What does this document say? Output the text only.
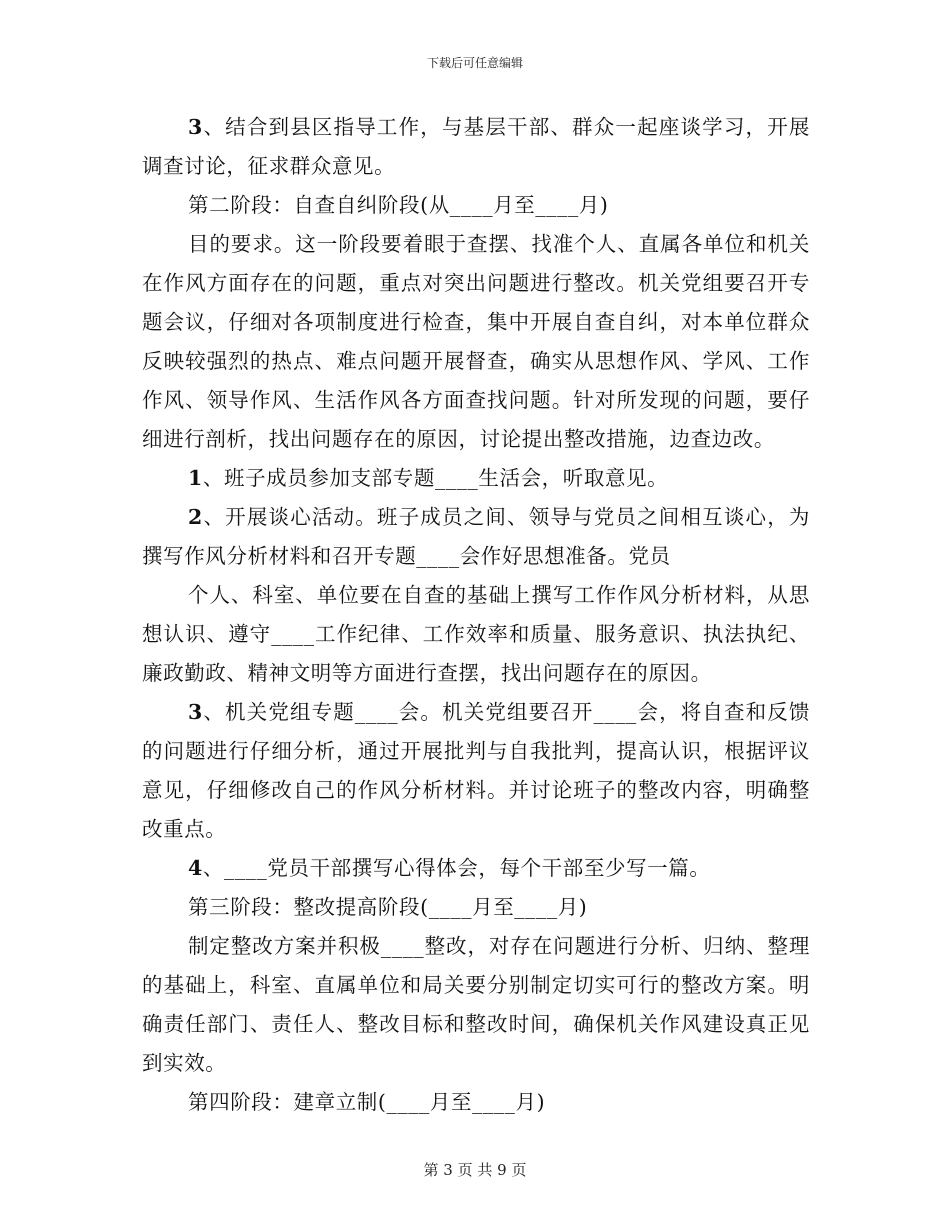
下载后可任意编辑

3、结合到县区指导工作，与基层干部、群众一起座谈学习，开展调查讨论，征求群众意见。

第二阶段：自查自纠阶段(从____月至____月)

目的要求。这一阶段要着眼于查摆、找准个人、直属各单位和机关在作风方面存在的问题，重点对突出问题进行整改。机关党组要召开专题会议，仔细对各项制度进行检查，集中开展自查自纠，对本单位群众反映较强烈的热点、难点问题开展督查，确实从思想作风、学风、工作作风、领导作风、生活作风各方面查找问题。针对所发现的问题，要仔细进行剖析，找出问题存在的原因，讨论提出整改措施，边查边改。

1、班子成员参加支部专题____生活会，听取意见。

2、开展谈心活动。班子成员之间、领导与党员之间相互谈心，为撰写作风分析材料和召开专题____会作好思想准备。党员

个人、科室、单位要在自查的基础上撰写工作作风分析材料，从思想认识、遵守____工作纪律、工作效率和质量、服务意识、执法执纪、廉政勤政、精神文明等方面进行查摆，找出问题存在的原因。

3、机关党组专题____会。机关党组要召开____会，将自查和反馈的问题进行仔细分析，通过开展批判与自我批判，提高认识，根据评议意见，仔细修改自己的作风分析材料。并讨论班子的整改内容，明确整改重点。

4、____党员干部撰写心得体会，每个干部至少写一篇。

第三阶段：整改提高阶段(____月至____月)

制定整改方案并积极____整改，对存在问题进行分析、归纳、整理的基础上，科室、直属单位和局关要分别制定切实可行的整改方案。明确责任部门、责任人、整改目标和整改时间，确保机关作风建设真正见到实效。

第四阶段：建章立制(____月至____月)

第 3 页 共 9 页
